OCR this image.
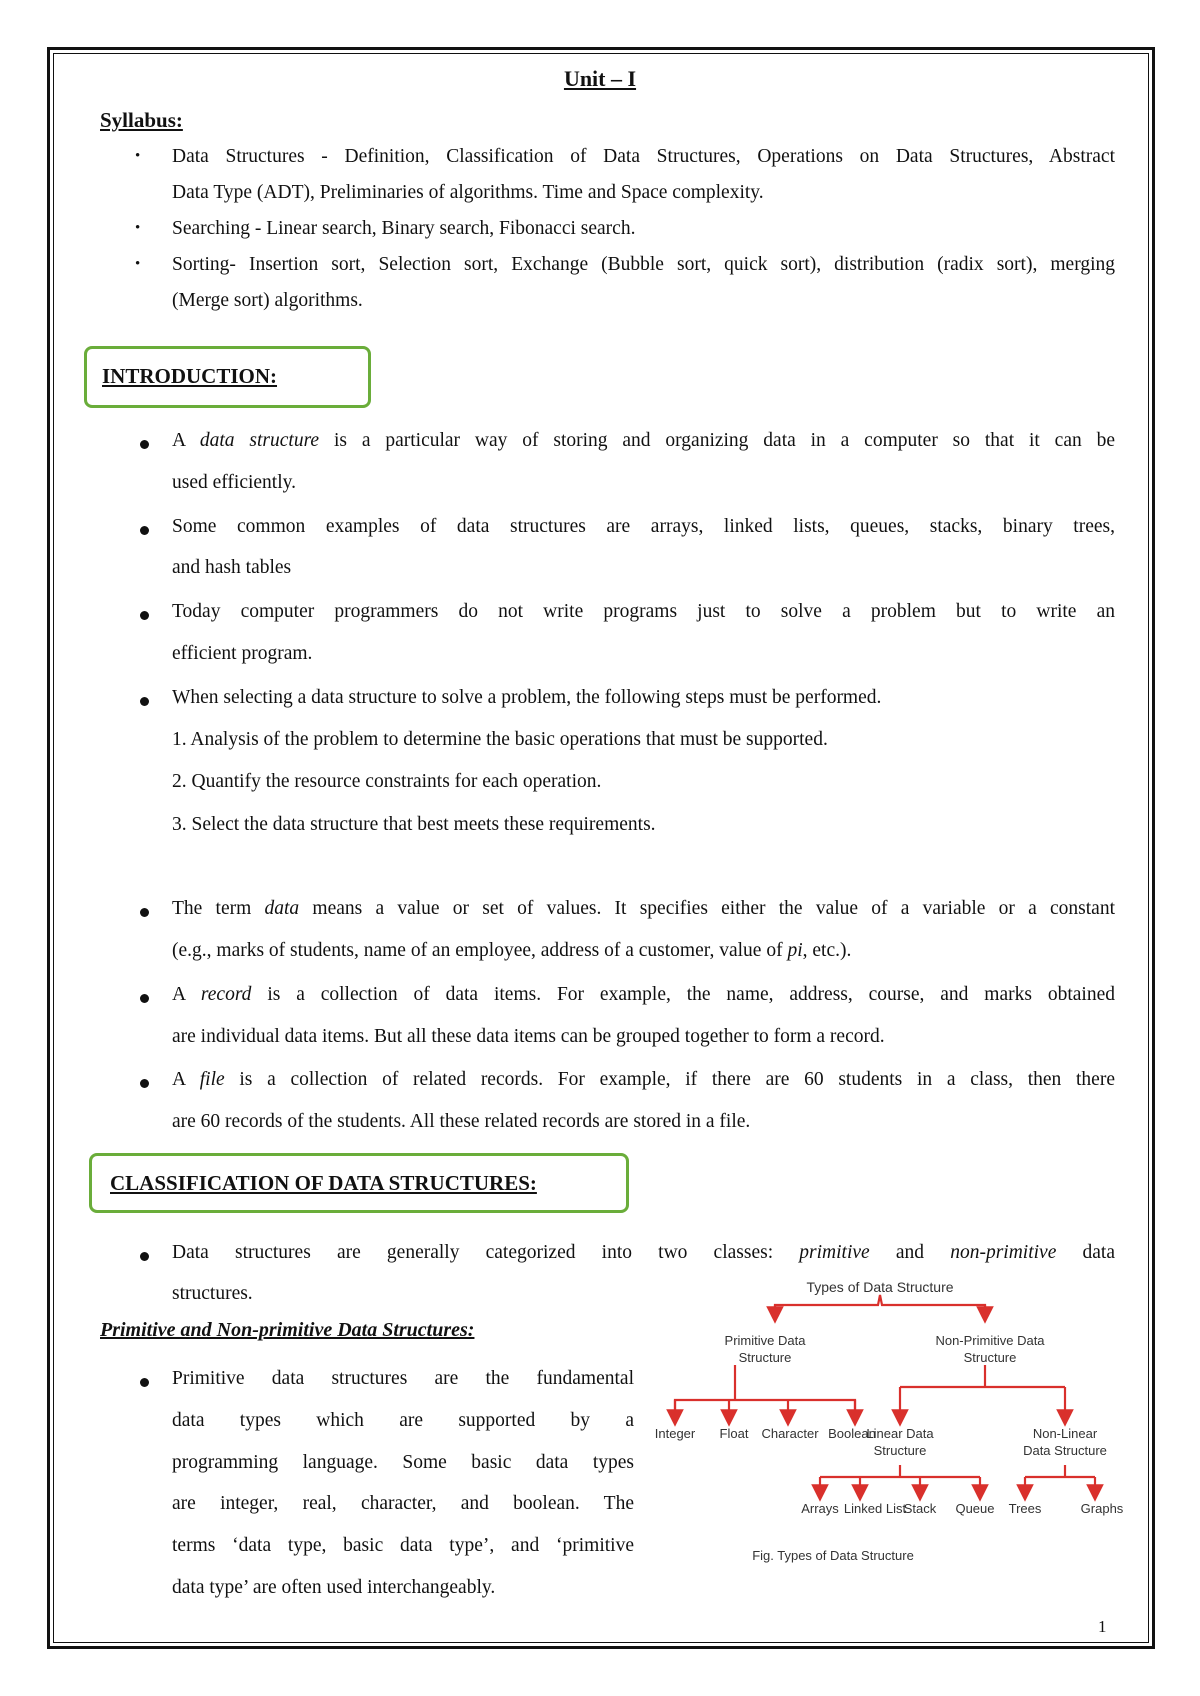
Unit – I
Syllabus:
• Data Structures - Definition, Classification of Data Structures, Operations on Data Structures, Abstract
Data Type (ADT), Preliminaries of algorithms. Time and Space complexity.
• Searching - Linear search, Binary search, Fibonacci search.
• Sorting- Insertion sort, Selection sort, Exchange (Bubble sort, quick sort), distribution (radix sort), merging
(Merge sort) algorithms.
INTRODUCTION:
A data structure is a particular way of storing and organizing data in a computer so that it can be
used efficiently.
Some common examples of data structures are arrays, linked lists, queues, stacks, binary trees,
and hash tables
Today computer programmers do not write programs just to solve a problem but to write an
efficient program.
When selecting a data structure to solve a problem, the following steps must be performed.
1. Analysis of the problem to determine the basic operations that must be supported.
2. Quantify the resource constraints for each operation.
3. Select the data structure that best meets these requirements.
The term data means a value or set of values. It specifies either the value of a variable or a constant
(e.g., marks of students, name of an employee, address of a customer, value of pi, etc.).
A record is a collection of data items. For example, the name, address, course, and marks obtained
are individual data items. But all these data items can be grouped together to form a record.
A file is a collection of related records. For example, if there are 60 students in a class, then there
are 60 records of the students. All these related records are stored in a file.
CLASSIFICATION OF DATA STRUCTURES:
Data structures are generally categorized into two classes: primitive and non-primitive data
structures.
Primitive and Non-primitive Data Structures:
Primitive data structures are the fundamental
data types which are supported by a
programming language. Some basic data types
are integer, real, character, and boolean. The
terms ‘data type, basic data type’, and ‘primitive
data type’ are often used interchangeably.
Types of Data Structure
Primitive Data
Structure
Non-Primitive Data
Structure
Integer Float Character Boolean
Linear Data
Structure
Non-Linear
Data Structure
Arrays Linked List
Stack Queue Trees	Graphs
Fig. Types of Data Structure
1
